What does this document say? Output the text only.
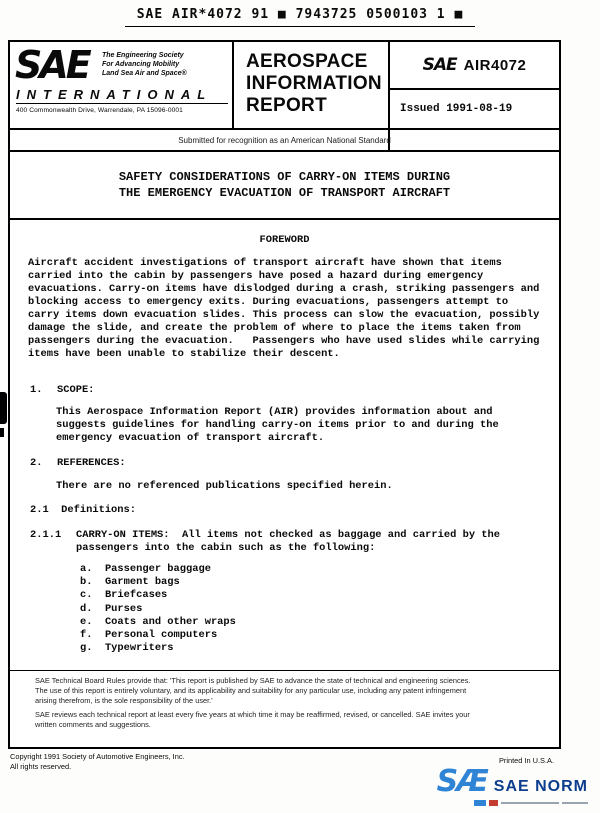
SAE AIR*4072 91 ■ 7943725 0500103 1 ■
SAE The Engineering Society
For Advancing Mobility
Land Sea Air and Space®
INTERNATIONAL
400 Commonwealth Drive, Warrendale, PA 15096-0001
AEROSPACE
INFORMATION
REPORT
SAE AIR4072
Issued 1991-08-19
Submitted for recognition as an American National Standard
SAFETY CONSIDERATIONS OF CARRY-ON ITEMS DURING
THE EMERGENCY EVACUATION OF TRANSPORT AIRCRAFT
FOREWORD
Aircraft accident investigations of transport aircraft have shown that items
carried into the cabin by passengers have posed a hazard during emergency
evacuations. Carry-on items have dislodged during a crash, striking passengers and
blocking access to emergency exits. During evacuations, passengers attempt to
carry items down evacuation slides. This process can slow the evacuation, possibly
damage the slide, and create the problem of where to place the items taken from
passengers during the evacuation.   Passengers who have used slides while carrying
items have been unable to stabilize their descent.
1.	SCOPE:
This Aerospace Information Report (AIR) provides information about and
suggests guidelines for handling carry-on items prior to and during the
emergency evacuation of transport aircraft.
2.	REFERENCES:
There are no referenced publications specified herein.
2.1  Definitions:
2.1.1	CARRY-ON ITEMS:  All items not checked as baggage and carried by the
passengers into the cabin such as the following:
a.  Passenger baggage
b.  Garment bags
c.  Briefcases
d.  Purses
e.  Coats and other wraps
f.  Personal computers
g.  Typewriters
SAE Technical Board Rules provide that: 'This report is published by SAE to advance the state of technical and engineering sciences.
The use of this report is entirely voluntary, and its applicability and suitability for any particular use, including any patent infringement
arising therefrom, is the sole responsibility of the user.'
SAE reviews each technical report at least every five years at which time it may be reaffirmed, revised, or cancelled. SAE invites your
written comments and suggestions.
Copyright 1991 Society of Automotive Engineers, Inc.
All rights reserved.
Printed In U.S.A.
SÆ SAE NORM
